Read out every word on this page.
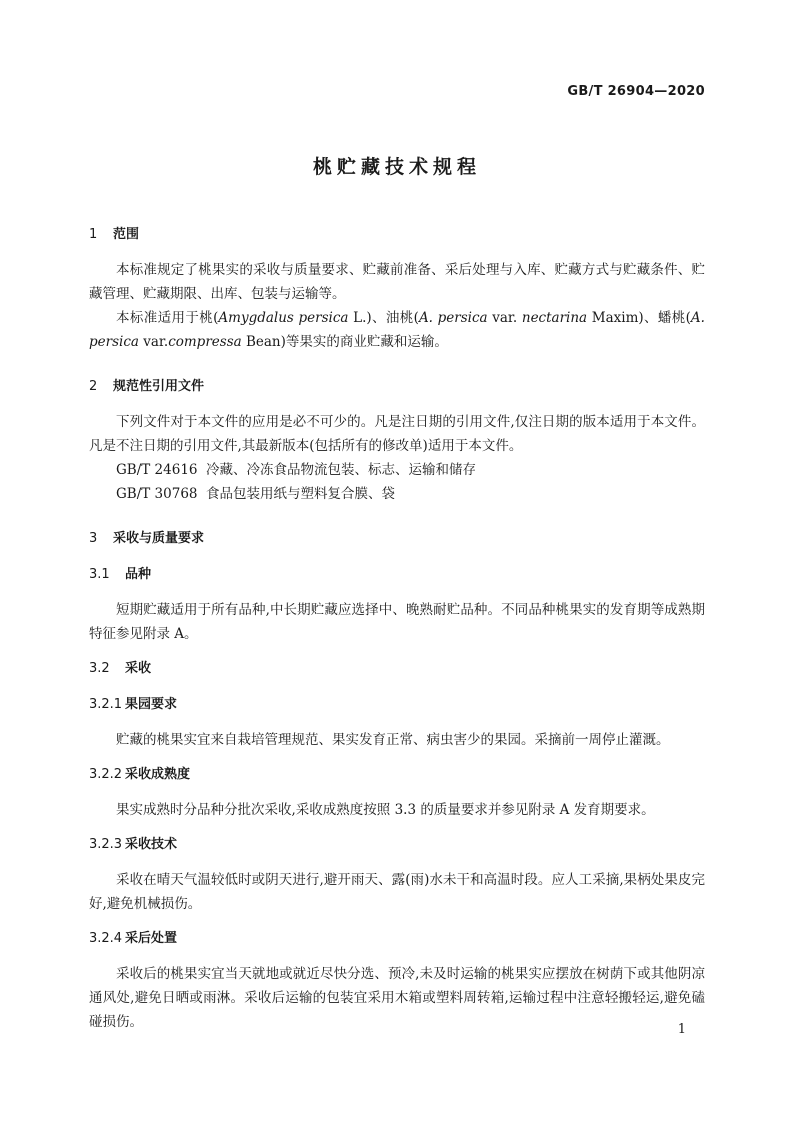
GB/T 26904—2020
桃贮藏技术规程
1 范围

本标准规定了桃果实的采收与质量要求、贮藏前准备、采后处理与入库、贮藏方式与贮藏条件、贮藏管理、贮藏期限、出库、包装与运输等。

本标准适用于桃(Amygdalus persica L.)、油桃(A. persica var. nectarina Maxim)、蟠桃(A. persica var.compressa Bean)等果实的商业贮藏和运输。

2 规范性引用文件

下列文件对于本文件的应用是必不可少的。凡是注日期的引用文件,仅注日期的版本适用于本文件。凡是不注日期的引用文件,其最新版本(包括所有的修改单)适用于本文件。

GB/T 24616 冷藏、冷冻食品物流包装、标志、运输和储存

GB/T 30768 食品包装用纸与塑料复合膜、袋

3 采收与质量要求
3.1 品种

短期贮藏适用于所有品种,中长期贮藏应选择中、晚熟耐贮品种。不同品种桃果实的发育期等成熟期特征参见附录 A。

3.2 采收
3.2.1 果园要求

贮藏的桃果实宜来自栽培管理规范、果实发育正常、病虫害少的果园。采摘前一周停止灌溉。

3.2.2 采收成熟度

果实成熟时分品种分批次采收,采收成熟度按照 3.3 的质量要求并参见附录 A 发育期要求。

3.2.3 采收技术

采收在晴天气温较低时或阴天进行,避开雨天、露(雨)水未干和高温时段。应人工采摘,果柄处果皮完好,避免机械损伤。

3.2.4 采后处置

采收后的桃果实宜当天就地或就近尽快分选、预冷,未及时运输的桃果实应摆放在树荫下或其他阴凉通风处,避免日晒或雨淋。采收后运输的包装宜采用木箱或塑料周转箱,运输过程中注意轻搬轻运,避免磕碰损伤。	1
